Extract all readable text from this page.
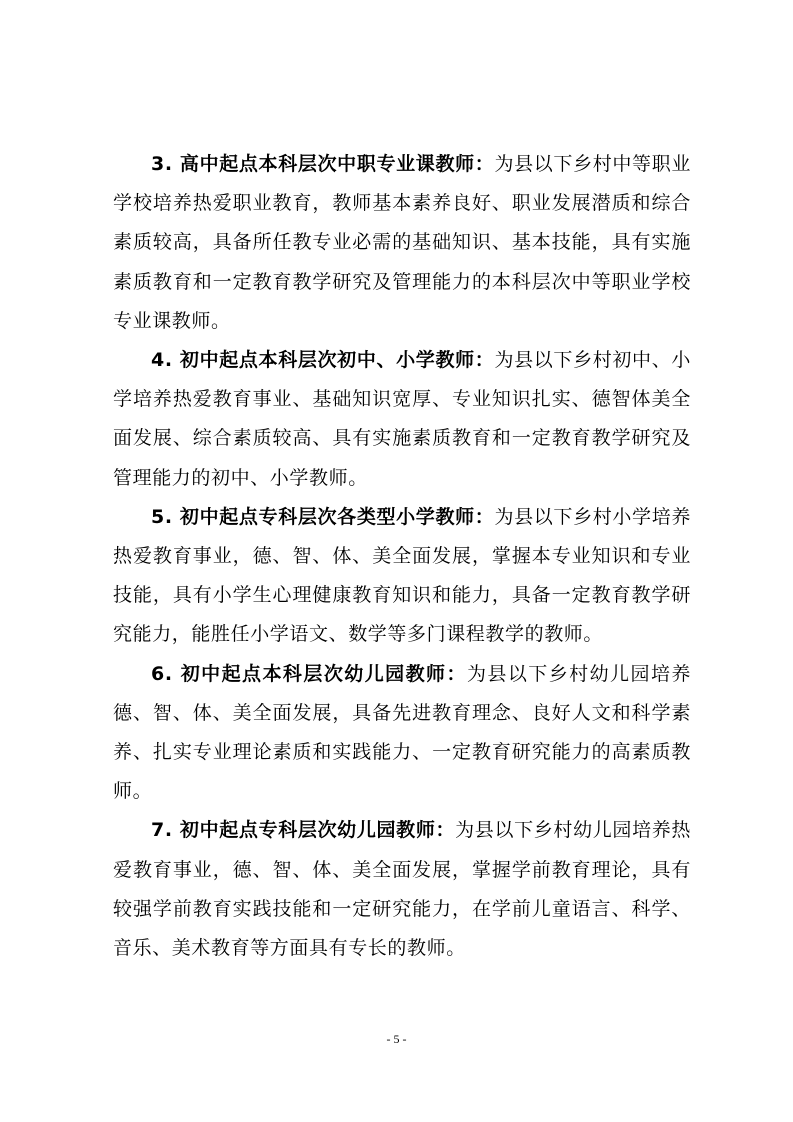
3. 高中起点本科层次中职专业课教师：为县以下乡村中等职业学校培养热爱职业教育，教师基本素养良好、职业发展潜质和综合素质较高，具备所任教专业必需的基础知识、基本技能，具有实施素质教育和一定教育教学研究及管理能力的本科层次中等职业学校专业课教师。

4. 初中起点本科层次初中、小学教师：为县以下乡村初中、小学培养热爱教育事业、基础知识宽厚、专业知识扎实、德智体美全面发展、综合素质较高、具有实施素质教育和一定教育教学研究及管理能力的初中、小学教师。

5. 初中起点专科层次各类型小学教师：为县以下乡村小学培养热爱教育事业，德、智、体、美全面发展，掌握本专业知识和专业技能，具有小学生心理健康教育知识和能力，具备一定教育教学研究能力，能胜任小学语文、数学等多门课程教学的教师。

6. 初中起点本科层次幼儿园教师：为县以下乡村幼儿园培养德、智、体、美全面发展，具备先进教育理念、良好人文和科学素养、扎实专业理论素质和实践能力、一定教育研究能力的高素质教师。

7. 初中起点专科层次幼儿园教师：为县以下乡村幼儿园培养热爱教育事业，德、智、体、美全面发展，掌握学前教育理论，具有较强学前教育实践技能和一定研究能力，在学前儿童语言、科学、音乐、美术教育等方面具有专长的教师。

- 5 -
